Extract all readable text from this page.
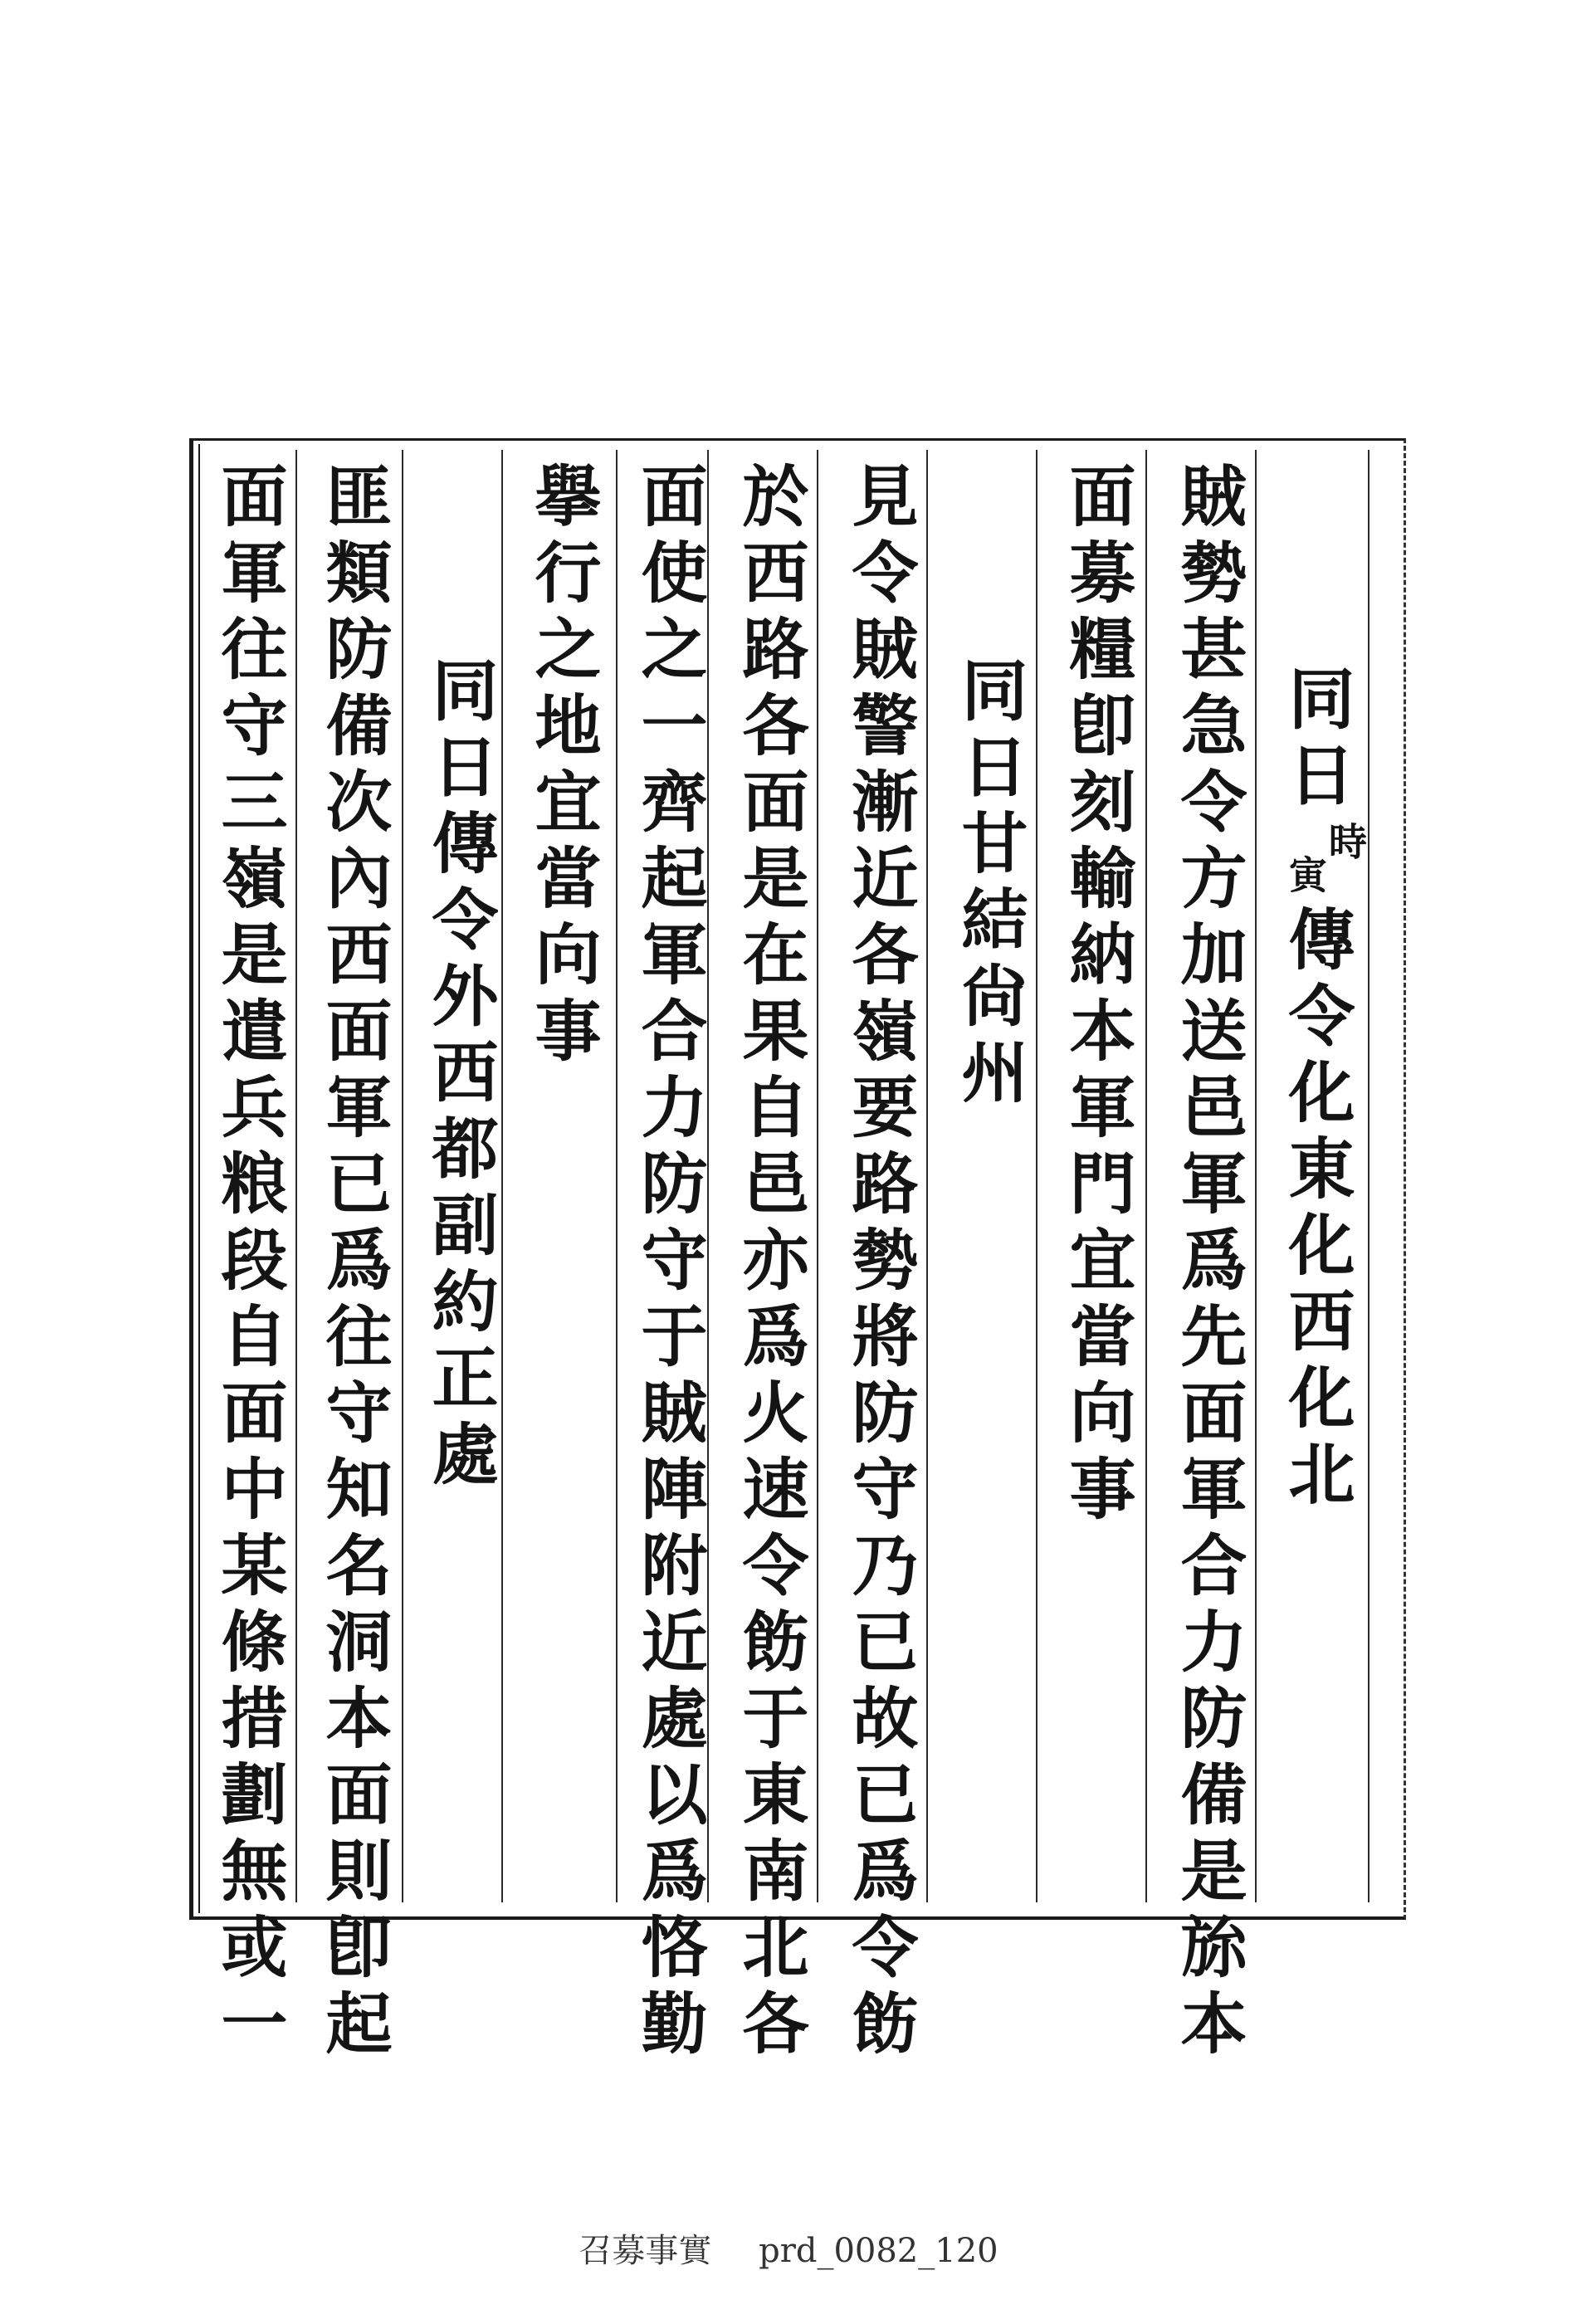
同日
時
寅
傳令化東化西化北
賊勢甚急令方加送邑軍爲先面軍合力防備是旀本
面募糧卽刻輸納本軍門宜當向事
同日甘結尙州
見令賊警漸近各嶺要路勢將防守乃已故已爲令飭
於西路各面是在果自邑亦爲火速令飭于東南北各
面使之一齊起軍合力防守于賊陣附近處以爲恪勤
擧行之地宜當向事
同日傳令外西都副約正處
匪類防備次內西面軍已爲往守知名洞本面則卽起
面軍往守三嶺是遣兵粮段自面中某條措劃無或一
召募事實 prd_0082_120
